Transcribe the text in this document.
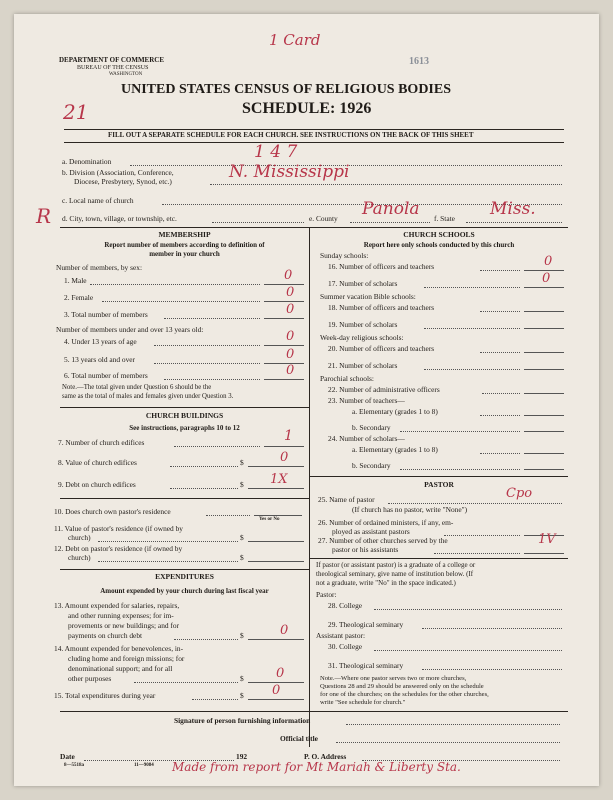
DEPARTMENT OF COMMERCE
BUREAU OF THE CENSUS
WASHINGTON
1613
UNITED STATES CENSUS OF RELIGIOUS BODIES
SCHEDULE: 1926
FILL OUT A SEPARATE SCHEDULE FOR EACH CHURCH. SEE INSTRUCTIONS ON THE BACK OF THIS SHEET
1 Card
21
a. Denomination	1 4 7
b. Division (Association, Conference,
Diocese, Presbytery, Synod, etc.)	N. Mississippi
c. Local name of church
R d. City, town, village, or township, etc.	e. County Panola f. State Miss.
MEMBERSHIP
Report number of members according to definition of
member in your church
Number of members, by sex:
1. Male	0
2. Female	0
3. Total number of members	0
Number of members under and over 13 years old:
4. Under 13 years of age	0
5. 13 years old and over	0
6. Total number of members	0
Note.—The total given under Question 6 should be the
same as the total of males and females given under Question 3.
CHURCH BUILDINGS
See instructions, paragraphs 10 to 12
7. Number of church edifices	1
8. Value of church edifices	$	0
9. Debt on church edifices	$ 1X
10. Does church own pastor's residence
Yes or No
11. Value of pastor's residence (if owned by
church)	$
12. Debt on pastor's residence (if owned by
church)	$
EXPENDITURES
Amount expended by your church during last fiscal year
13. Amount expended for salaries, repairs,
and other running expenses; for im-
provements or new buildings; and for
payments on church debt	$	0
14. Amount expended for benevolences, in-
cluding home and foreign missions; for
denominational support; and for all
other purposes	$ 0
15. Total expenditures during year	$ 0
CHURCH SCHOOLS
Report here only schools conducted by this church
Sunday schools:
16. Number of officers and teachers	0
17. Number of scholars	0
Summer vacation Bible schools:
18. Number of officers and teachers
19. Number of scholars
Week-day religious schools:
20. Number of officers and teachers
21. Number of scholars
Parochial schools:
22. Number of administrative officers
23. Number of teachers—
a. Elementary (grades 1 to 8)
b. Secondary
24. Number of scholars—
a. Elementary (grades 1 to 8)
b. Secondary
PASTOR
25. Name of pastor	Cpo
(If church has no pastor, write "None")
26. Number of ordained ministers, if any, em-
ployed as assistant pastors
27. Number of other churches served by the
pastor or his assistants
1V
If pastor (or assistant pastor) is a graduate of a college or
theological seminary, give name of institution below. (If
not a graduate, write "No" in the space indicated.)
Pastor:
28. College
29. Theological seminary
Assistant pastor:
30. College
31. Theological seminary
Note.—Where one pastor serves two or more churches,
Questions 28 and 29 should be answered only on the schedule
for one of the churches; on the schedules for the other churches,
write "See schedule for church."
Signature of person furnishing information
Official title
Date	192	P. O. Address
8—5518a	11—9084 Made from report for Mt Mariah & Liberty Sta.
